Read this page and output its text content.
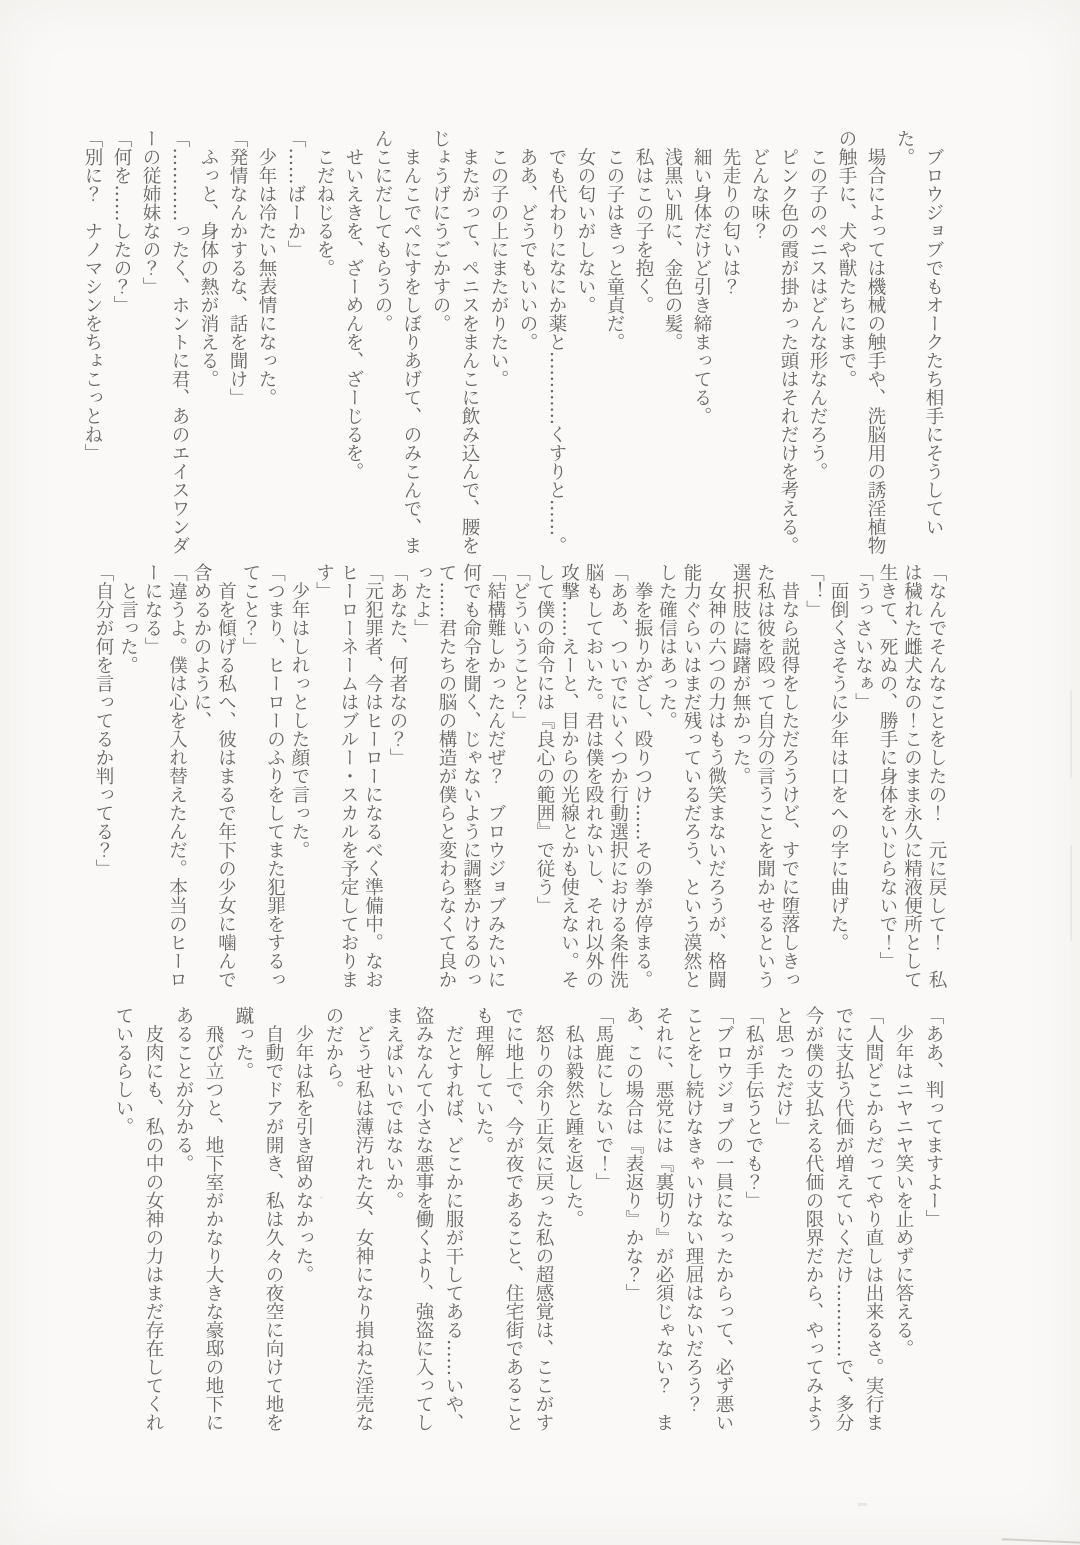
　ブロウジョブでもオークたち相手にそうしていた。

　場合によっては機械の触手や、洗脳用の誘淫植物の触手に、犬や獣たちにまで。

　この子のペニスはどんな形なんだろう。

　ピンク色の霞が掛かった頭はそれだけを考える。

　どんな味？

　先走りの匂いは？

　細い身体だけど引き締まってる。

　浅黒い肌に、金色の髪。

　私はこの子を抱く。

　この子はきっと童貞だ。

　女の匂いがしない。

　でも代わりになにか薬と…………くすりと……。

　ああ、どうでもいいの。

　この子の上にまたがりたい。

　またがって、ペニスをまんこに飲み込んで、腰をじょうげにうごかすの。

　まんこでぺにすをしぼりあげて、のみこんで、まんこにだしてもらうの。

　せいえきを、ざーめんを、ざーじるを。

　こだねじるを。

「……ばーか」

　少年は冷たい無表情になった。

「発情なんかするな、話を聞け」

　ふっと、身体の熱が消える。

「…………ったく、ホントに君、あのエイスワンダーの従姉妹なの？」

「何を……したの？」

「別に？　ナノマシンをちょこっとね」

「なんでそんなことをしたの！　元に戻して！　私は穢れた雌犬なの！このまま永久に精液便所として生きて、死ぬの、勝手に身体をいじらないで！」

「うっさいなぁ」

　面倒くさそうに少年は口をへの字に曲げた。

「！」

　昔なら説得をしただろうけど、すでに堕落しきった私は彼を殴って自分の言うことを聞かせるという選択肢に躊躇が無かった。

　女神の六つの力はもう微笑まないだろうが、格闘能力ぐらいはまだ残っているだろう、という漠然とした確信はあった。

　拳を振りかざし、殴りつけ……その拳が停まる。

「ああ、ついでにいくつか行動選択における条件洗脳もしておいた。君は僕を殴れないし、それ以外の攻撃……えーと、目からの光線とかも使えない。そして僕の命令には『良心の範囲』で従う」

「どういうこと？」

「結構難しかったんだぜ？　ブロウジョブみたいに何でも命令を聞く、じゃないように調整かけるのって……君たちの脳の構造が僕らと変わらなくて良かったよ」

「あなた、何者なの？」

「元犯罪者、今はヒーローになるべく準備中。なおヒーローネームはブルー・スカルを予定しております」

　少年はしれっとした顔で言った。

「つまり、ヒーローのふりをしてまた犯罪をするってこと？」

　首を傾げる私へ、彼はまるで年下の少女に噛んで含めるかのように、

「違うよ。僕は心を入れ替えたんだ。本当のヒーローになる」

　と言った。

「自分が何を言ってるか判ってる？」

「ああ、判ってますよー」

　少年はニヤニヤ笑いを止めずに答える。

「人間どこからだってやり直しは出来るさ。実行までに支払う代価が増えていくだけ…………で、多分今が僕の支払える代価の限界だから、やってみようと思っただけ」

「私が手伝うとでも？」

「ブロウジョブの一員になったからって、必ず悪いことをし続けなきゃいけない理屈はないだろう？　それに、悪党には『裏切り』が必須じゃない？　まあ、この場合は『表返り』かな？」

「馬鹿にしないで！」

　私は毅然と踵を返した。

　怒りの余り正気に戻った私の超感覚は、ここがすでに地上で、今が夜であること、住宅街であることも理解していた。

　だとすれば、どこかに服が干してある……いや、盗みなんて小さな悪事を働くより、強盗に入ってしまえばいいではないか。

　どうせ私は薄汚れた女、女神になり損ねた淫売なのだから。

　少年は私を引き留めなかった。

　自動でドアが開き、私は久々の夜空に向けて地を蹴った。

　飛び立つと、地下室がかなり大きな豪邸の地下にあることが分かる。

　皮肉にも、私の中の女神の力はまだ存在してくれているらしい。
